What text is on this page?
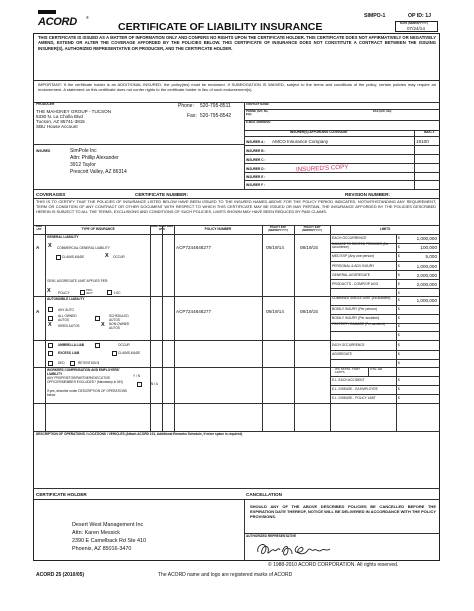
ACORD ®
CERTIFICATE OF LIABILITY INSURANCE
SIMPO-1	OP ID: 1J
DATE (MM/DD/YYYY)
07/24/14
THIS CERTIFICATE IS ISSUED AS A MATTER OF INFORMATION ONLY AND CONFERS NO RIGHTS UPON THE CERTIFICATE HOLDER. THIS CERTIFICATE DOES NOT AFFIRMATIVELY OR NEGATIVELY AMEND, EXTEND OR ALTER THE COVERAGE AFFORDED BY THE POLICIES BELOW. THIS CERTIFICATE OF INSURANCE DOES NOT CONSTITUTE A CONTRACT BETWEEN THE ISSUING INSURER(S), AUTHORIZED REPRESENTATIVE OR PRODUCER, AND THE CERTIFICATE HOLDER.
IMPORTANT: If the certificate holder is an ADDITIONAL INSURED, the policy(ies) must be endorsed. If SUBROGATION IS WAIVED, subject to the terms and conditions of the policy, certain policies may require an endorsement. A statement on this certificate does not confer rights to the certificate holder in lieu of such endorsement(s).
PRODUCER
THE MAHONEY GROUP - TUCSON
5330 N. La Cholla Blvd
Tucson, AZ 85741-3815
SBU House Account
Phone: 520-795-8511
Fax: 520-795-8542
CONTACT NAME:
PHONE (A/C, No, Ext):
FAX (A/C, No):
E-MAIL ADDRESS:
INSURER(S) AFFORDING COVERAGE	NAIC #
INSURER A : AMCO Insurance Company	19100
INSURER B :
INSURER C :
INSURER D :	INSURED'S COPY
INSURER E :
INSURER F :
INSURED	SimPole Inc
Attn: Phillip Alexander
3912 Taylor
Prescott Valley, AZ 86314
COVERAGES	CERTIFICATE NUMBER:	REVISION NUMBER:
THIS IS TO CERTIFY THAT THE POLICIES OF INSURANCE LISTED BELOW HAVE BEEN ISSUED TO THE INSURED NAMED ABOVE FOR THE POLICY PERIOD INDICATED. NOTWITHSTANDING ANY REQUIREMENT, TERM OR CONDITION OF ANY CONTRACT OR OTHER DOCUMENT WITH RESPECT TO WHICH THIS CERTIFICATE MAY BE ISSUED OR MAY PERTAIN, THE INSURANCE AFFORDED BY THE POLICIES DESCRIBED HEREIN IS SUBJECT TO ALL THE TERMS, EXCLUSIONS AND CONDITIONS OF SUCH POLICIES. LIMITS SHOWN MAY HAVE BEEN REDUCED BY PAID CLAIMS.
INSR LTR	TYPE OF INSURANCE
ADDL SUBR INSR WVD	POLICY NUMBER	POLICY EFF (MM/DD/YYYY)
POLICY EXP (MM/DD/YYYY)	LIMITS
GENERAL LIABILITY
A X COMMERCIAL GENERAL LIABILITY
CLAIMS-MADE	X OCCUR
GEN'L AGGREGATE LIMIT APPLIES PER:
X POLICY
PRO- JECT	LOC
ACP7244648277	08/19/14	08/19/15
EACH OCCURRENCE	$	1,000,000
DAMAGE TO RENTED PREMISES (Ea occurrence)	$	100,000
MED EXP (Any one person)	$	5,000
PERSONAL & ADV INJURY	$	1,000,000
GENERAL AGGREGATE	$	2,000,000
PRODUCTS - COMP/OP AGG	$	2,000,000
$
AUTOMOBILE LIABILITY
A	ANY AUTO
ALL OWNED AUTOS
SCHEDULED AUTOS
X HIRED AUTOS	X NON-OWNED AUTOS
ACP7244648277	08/19/14	08/19/15
COMBINED SINGLE LIMIT (Ea accident)	$	1,000,000
BODILY INJURY (Per person)	$
BODILY INJURY (Per accident)	$
PROPERTY DAMAGE (Per accident)	$
$
UMBRELLA LIAB	OCCUR
EXCESS LIAB	CLAIMS-MADE
DED	RETENTION $
EACH OCCURRENCE	$
AGGREGATE	$
$
WORKERS COMPENSATION AND EMPLOYERS' LIABILITY
Y / N
ANY PROPRIETOR/PARTNER/EXECUTIVE OFFICER/MEMBER EXCLUDED? (Mandatory in NH)
N / A
If yes, describe under DESCRIPTION OF OPERATIONS below
WC STATU- TORY LIMITS
OTH- ER
E.L. EACH ACCIDENT	$
E.L. DISEASE - EA EMPLOYEE	$
E.L. DISEASE - POLICY LIMIT	$
DESCRIPTION OF OPERATIONS / LOCATIONS / VEHICLES (Attach ACORD 101, Additional Remarks Schedule, if more space is required)
CERTIFICATE HOLDER	CANCELLATION
Desert West Management Inc
Attn: Karen Messick
2390 E Camelback Rd Ste 410
Phoenix, AZ 85016-3470
SHOULD ANY OF THE ABOVE DESCRIBED POLICIES BE CANCELLED BEFORE THE EXPIRATION DATE THEREOF, NOTICE WILL BE DELIVERED IN ACCORDANCE WITH THE POLICY PROVISIONS.
AUTHORIZED REPRESENTATIVE
© 1988-2010 ACORD CORPORATION. All rights reserved.
ACORD 25 (2010/05)	The ACORD name and logo are registered marks of ACORD
